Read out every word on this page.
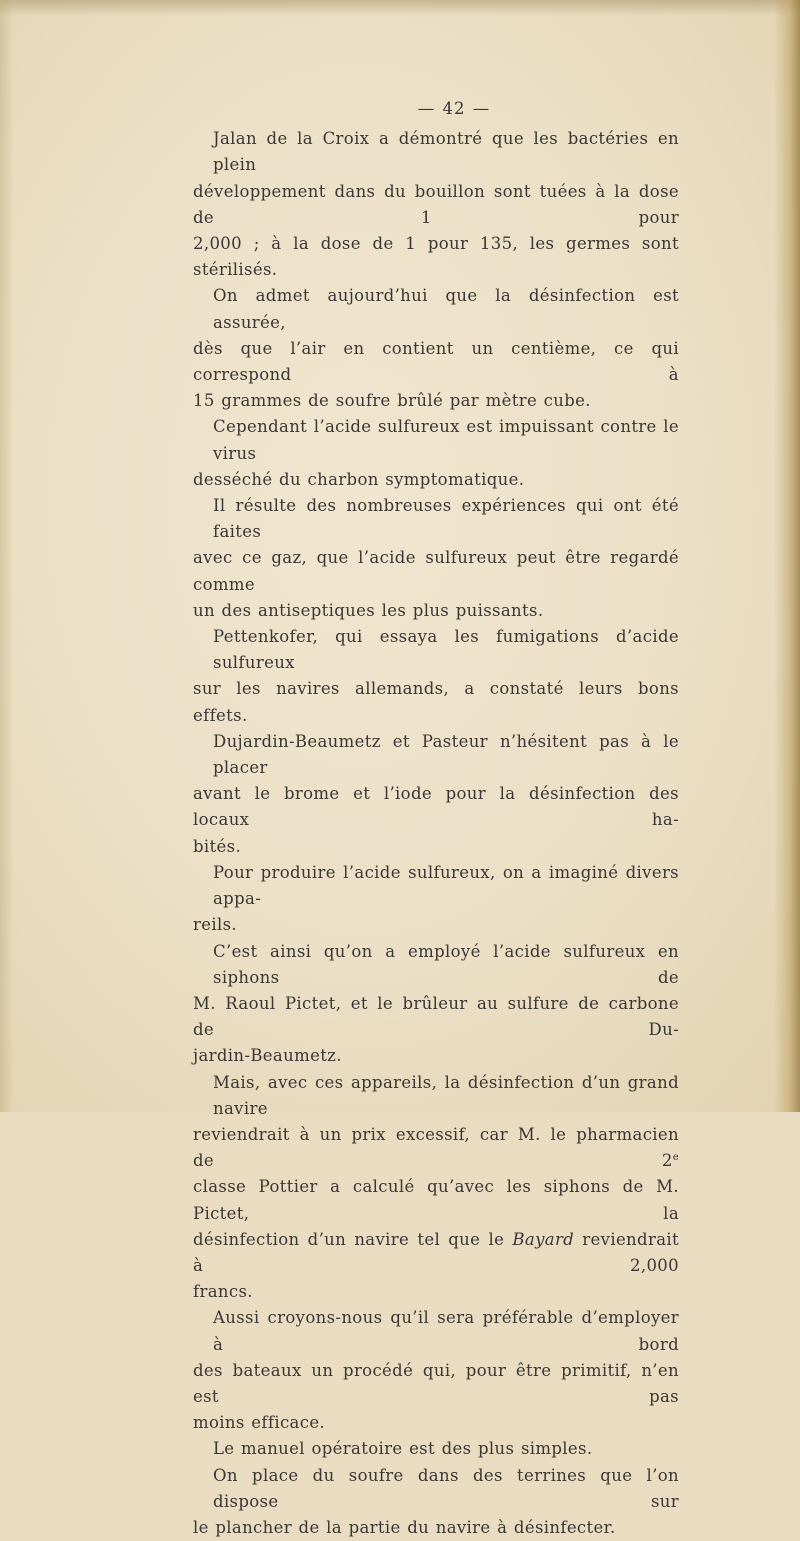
— 42 —

Jalan de la Croix a démontré que les bactéries en plein
développement dans du bouillon sont tuées à la dose de 1 pour
2,000 ; à la dose de 1 pour 135, les germes sont stérilisés.

On admet aujourd’hui que la désinfection est assurée,
dès que l’air en contient un centième, ce qui correspond à
15 grammes de soufre brûlé par mètre cube.

Cependant l’acide sulfureux est impuissant contre le virus
desséché du charbon symptomatique.

Il résulte des nombreuses expériences qui ont été faites
avec ce gaz, que l’acide sulfureux peut être regardé comme
un des antiseptiques les plus puissants.

Pettenkofer, qui essaya les fumigations d’acide sulfureux
sur les navires allemands, a constaté leurs bons effets.

Dujardin-Beaumetz et Pasteur n’hésitent pas à le placer
avant le brome et l’iode pour la désinfection des locaux ha-
bités.

Pour produire l’acide sulfureux, on a imaginé divers appa-
reils.

C’est ainsi qu’on a employé l’acide sulfureux en siphons de
M. Raoul Pictet, et le brûleur au sulfure de carbone de Du-
jardin-Beaumetz.

Mais, avec ces appareils, la désinfection d’un grand navire
reviendrait à un prix excessif, car M. le pharmacien de	2e
classe Pottier a calculé qu’avec les siphons de M. Pictet, la
désinfection d’un navire tel que le Bayard reviendrait à 2,000
francs.

Aussi croyons-nous qu’il sera préférable d’employer à bord
des bateaux un procédé qui, pour être primitif, n’en est pas
moins efficace.

Le manuel opératoire est des plus simples.

On place du soufre dans des terrines que l’on dispose sur
le plancher de la partie du navire à désinfecter.
